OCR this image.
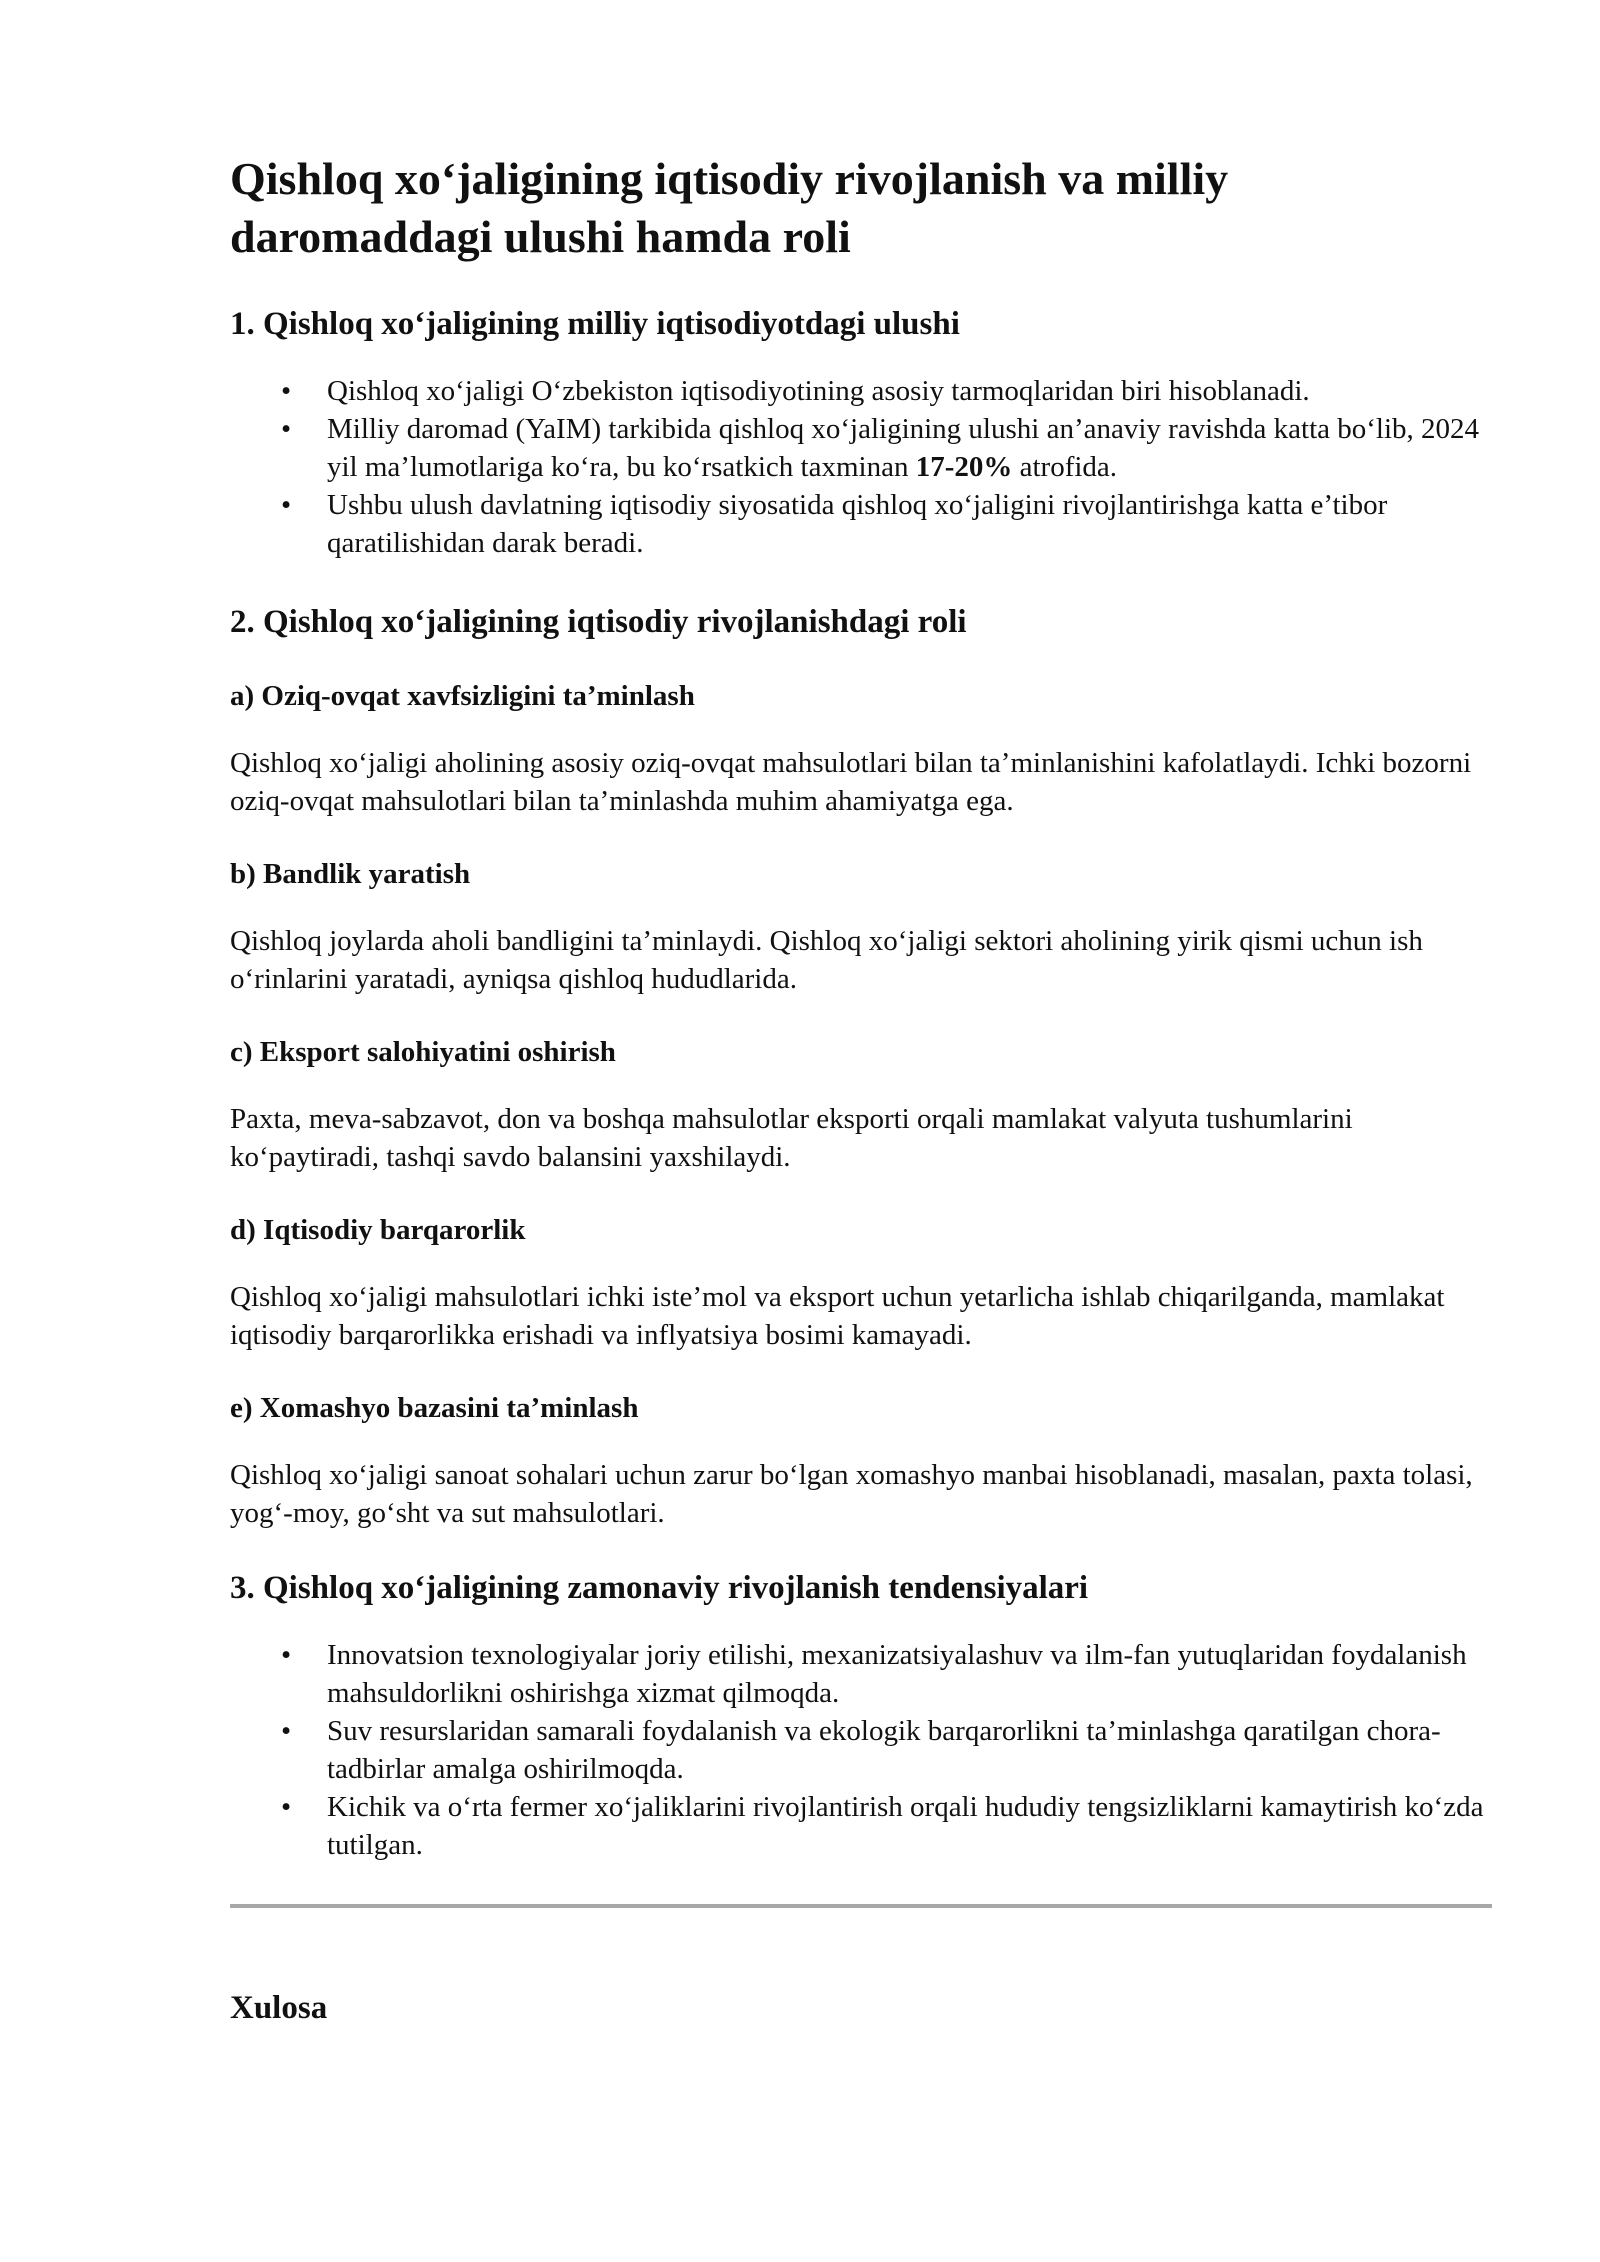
Qishloq xo‘jaligining iqtisodiy rivojlanish va milliy daromaddagi ulushi hamda roli
1. Qishloq xo‘jaligining milliy iqtisodiyotdagi ulushi
• Qishloq xo‘jaligi O‘zbekiston iqtisodiyotining asosiy tarmoqlaridan biri hisoblanadi.
• Milliy daromad (YaIM) tarkibida qishloq xo‘jaligining ulushi an’anaviy ravishda katta bo‘lib, 2024 yil ma’lumotlariga ko‘ra, bu ko‘rsatkich taxminan 17-20% atrofida.
• Ushbu ulush davlatning iqtisodiy siyosatida qishloq xo‘jaligini rivojlantirishga katta e’tibor qaratilishidan darak beradi.
2. Qishloq xo‘jaligining iqtisodiy rivojlanishdagi roli
a) Oziq-ovqat xavfsizligini ta’minlash

Qishloq xo‘jaligi aholining asosiy oziq-ovqat mahsulotlari bilan ta’minlanishini kafolatlaydi. Ichki bozorni oziq-ovqat mahsulotlari bilan ta’minlashda muhim ahamiyatga ega.

b) Bandlik yaratish

Qishloq joylarda aholi bandligini ta’minlaydi. Qishloq xo‘jaligi sektori aholining yirik qismi uchun ish o‘rinlarini yaratadi, ayniqsa qishloq hududlarida.

c) Eksport salohiyatini oshirish

Paxta, meva-sabzavot, don va boshqa mahsulotlar eksporti orqali mamlakat valyuta tushumlarini ko‘paytiradi, tashqi savdo balansini yaxshilaydi.

d) Iqtisodiy barqarorlik

Qishloq xo‘jaligi mahsulotlari ichki iste’mol va eksport uchun yetarlicha ishlab chiqarilganda, mamlakat iqtisodiy barqarorlikka erishadi va inflyatsiya bosimi kamayadi.

e) Xomashyo bazasini ta’minlash

Qishloq xo‘jaligi sanoat sohalari uchun zarur bo‘lgan xomashyo manbai hisoblanadi, masalan, paxta tolasi, yog‘-moy, go‘sht va sut mahsulotlari.

3. Qishloq xo‘jaligining zamonaviy rivojlanish tendensiyalari
• Innovatsion texnologiyalar joriy etilishi, mexanizatsiyalashuv va ilm-fan yutuqlaridan foydalanish mahsuldorlikni oshirishga xizmat qilmoqda.
• Suv resurslaridan samarali foydalanish va ekologik barqarorlikni ta’minlashga qaratilgan chora-tadbirlar amalga oshirilmoqda.
• Kichik va o‘rta fermer xo‘jaliklarini rivojlantirish orqali hududiy tengsizliklarni kamaytirish ko‘zda tutilgan.
Xulosa
